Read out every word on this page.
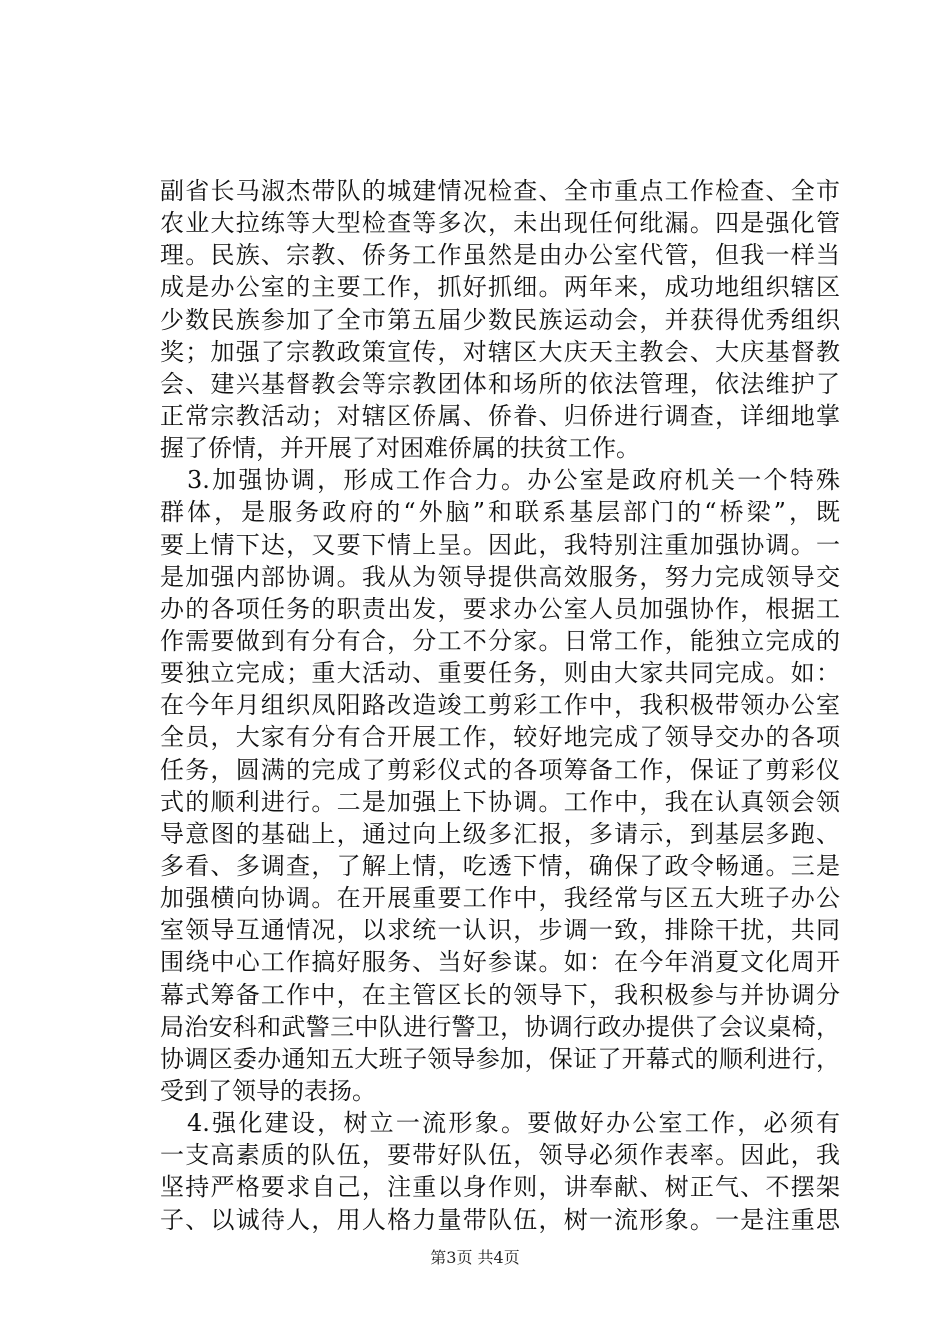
副省长马淑杰带队的城建情况检查、全市重点工作检查、全市
农业大拉练等大型检查等多次，未出现任何纰漏。四是强化管
理。民族、宗教、侨务工作虽然是由办公室代管，但我一样当
成是办公室的主要工作，抓好抓细。两年来，成功地组织辖区
少数民族参加了全市第五届少数民族运动会，并获得优秀组织
奖；加强了宗教政策宣传，对辖区大庆天主教会、大庆基督教
会、建兴基督教会等宗教团体和场所的依法管理，依法维护了
正常宗教活动；对辖区侨属、侨眷、归侨进行调查，详细地掌
握了侨情，并开展了对困难侨属的扶贫工作。
3.加强协调，形成工作合力。办公室是政府机关一个特殊
群体，是服务政府的“外脑”和联系基层部门的“桥梁”，既
要上情下达，又要下情上呈。因此，我特别注重加强协调。一
是加强内部协调。我从为领导提供高效服务，努力完成领导交
办的各项任务的职责出发，要求办公室人员加强协作，根据工
作需要做到有分有合，分工不分家。日常工作，能独立完成的
要独立完成；重大活动、重要任务，则由大家共同完成。如：
在今年月组织凤阳路改造竣工剪彩工作中，我积极带领办公室
全员，大家有分有合开展工作，较好地完成了领导交办的各项
任务，圆满的完成了剪彩仪式的各项筹备工作，保证了剪彩仪
式的顺利进行。二是加强上下协调。工作中，我在认真领会领
导意图的基础上，通过向上级多汇报，多请示，到基层多跑、
多看、多调查，了解上情，吃透下情，确保了政令畅通。三是
加强横向协调。在开展重要工作中，我经常与区五大班子办公
室领导互通情况，以求统一认识，步调一致，排除干扰，共同
围绕中心工作搞好服务、当好参谋。如：在今年消夏文化周开
幕式筹备工作中，在主管区长的领导下，我积极参与并协调分
局治安科和武警三中队进行警卫，协调行政办提供了会议桌椅，
协调区委办通知五大班子领导参加，保证了开幕式的顺利进行，
受到了领导的表扬。
4.强化建设，树立一流形象。要做好办公室工作，必须有
一支高素质的队伍，要带好队伍，领导必须作表率。因此，我
坚持严格要求自己，注重以身作则，讲奉献、树正气、不摆架
子、以诚待人，用人格力量带队伍，树一流形象。一是注重思
第3页 共4页
